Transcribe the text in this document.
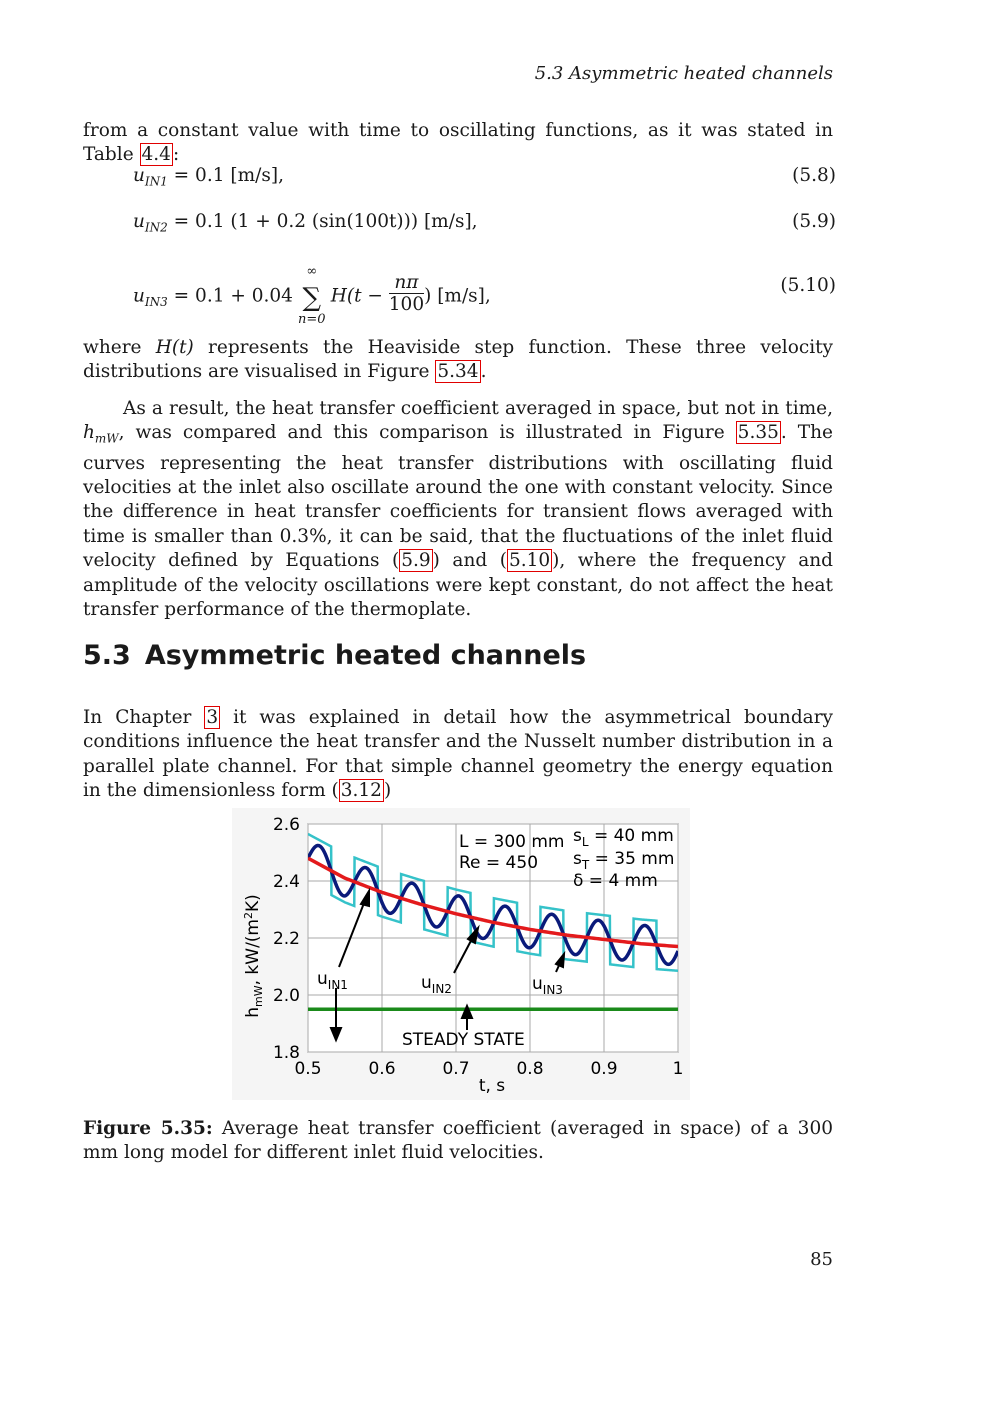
5.3 Asymmetric heated channels

from a constant value with time to oscillating functions, as it was stated in Table 4.4 :

$u_{IN1} = 0.1$ [m/s],	(5.8)
$u_{IN2} = 0.1$ (1 + 0.2 (sin(100t))) [m/s],	(5.9)
$u_{IN3} = 0.1 + 0.04$ ∑
∞
n=0
$H(t - \frac{n\pi}{100}$ ) [m/s],	(5.10)

where H(t) represents the Heaviside step function. These three velocity distributions are visualised in Figure 5.34 .

As a result, the heat transfer coefficient averaged in space, but not in time, $h_{mW}$, was compared and this comparison is illustrated in Figure 5.35 . The curves representing the heat transfer distributions with oscillating fluid velocities at the inlet also oscillate around the one with constant velocity. Since the difference in heat transfer coefficients for transient flows averaged with time is smaller than 0.3%, it can be said, that the fluctuations of the inlet fluid velocity defined by Equations ( 5.9 ) and ( 5.10 ), where the frequency and amplitude of the velocity oscillations were kept constant, do not affect the heat transfer performance of the thermoplate.

5.3 Asymmetric heated channels

In Chapter 3 it was explained in detail how the asymmetrical boundary conditions influence the heat transfer and the Nusselt number distribution in a parallel plate channel. For that simple channel geometry the energy equation in the dimensionless form ( 3.12 )

0.5	0.6	0.7	0.8	0.9	1
1.8
2.0
2.2
2.4
2.6
$h_{mW}$, $kW/(m^2K)$
t, s
L = 300 mm
Re = 450
$s_L = 40$ mm
$s_T = 35$ mm
δ = 4 mm
$u_{IN1}$	$u_{IN2}$	$u_{IN3}$
STEADY STATE
Figure 5.35: Average heat transfer coefficient (averaged in space) of a 300 mm long model for different inlet fluid velocities.
85
